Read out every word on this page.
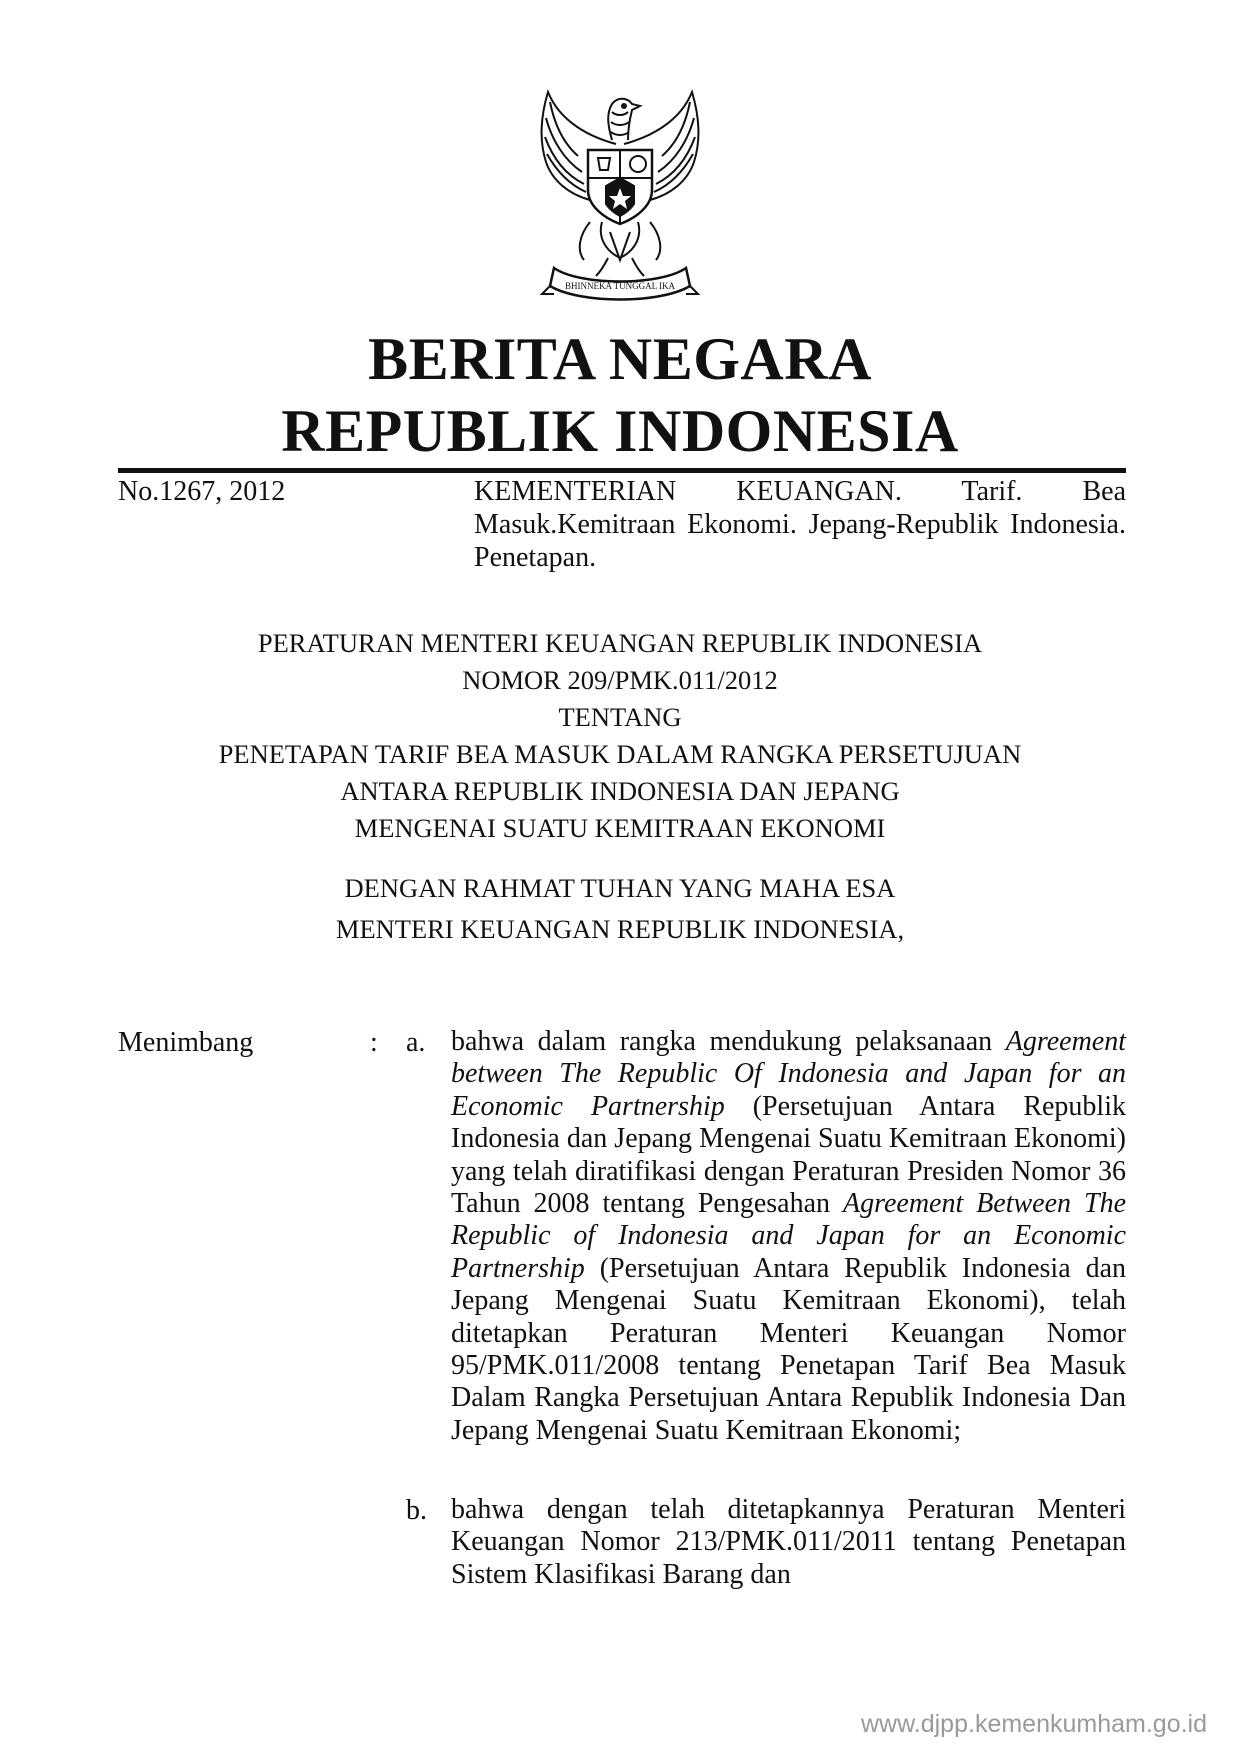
BHINNEKA TUNGGAL IKA
BERITA NEGARA
REPUBLIK INDONESIA
No.1267, 2012	KEMENTERIAN KEUANGAN. Tarif. Bea Masuk.Kemitraan Ekonomi. Jepang-Republik Indonesia. Penetapan.
PERATURAN MENTERI KEUANGAN REPUBLIK INDONESIA
NOMOR 209/PMK.011/2012
TENTANG
PENETAPAN TARIF BEA MASUK DALAM RANGKA PERSETUJUAN
ANTARA REPUBLIK INDONESIA DAN JEPANG
MENGENAI SUATU KEMITRAAN EKONOMI
DENGAN RAHMAT TUHAN YANG MAHA ESA
MENTERI KEUANGAN REPUBLIK INDONESIA,
Menimbang	: a. bahwa dalam rangka mendukung pelaksanaan Agreement between The Republic Of Indonesia and Japan for an Economic Partnership (Persetujuan Antara Republik Indonesia dan Jepang Mengenai Suatu Kemitraan Ekonomi) yang telah diratifikasi dengan Peraturan Presiden Nomor 36 Tahun 2008 tentang Pengesahan Agreement Between The Republic of Indonesia and Japan for an Economic Partnership (Persetujuan Antara Republik Indonesia dan Jepang Mengenai Suatu Kemitraan Ekonomi), telah ditetapkan Peraturan Menteri Keuangan Nomor 95/PMK.011/2008 tentang Penetapan Tarif Bea Masuk Dalam Rangka Persetujuan Antara Republik Indonesia Dan Jepang Mengenai Suatu Kemitraan Ekonomi;
b. bahwa dengan telah ditetapkannya Peraturan Menteri Keuangan Nomor 213/PMK.011/2011 tentang Penetapan Sistem Klasifikasi Barang dan
www.djpp.kemenkumham.go.id
